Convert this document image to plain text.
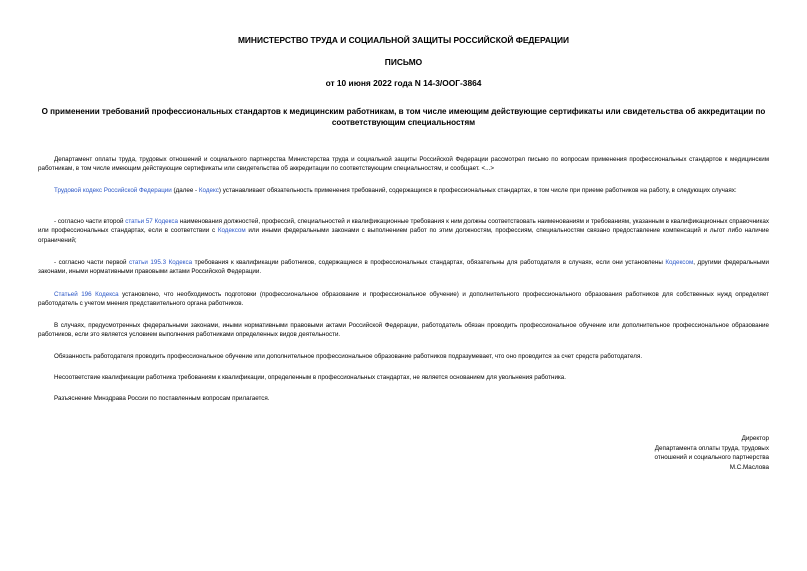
МИНИСТЕРСТВО ТРУДА И СОЦИАЛЬНОЙ ЗАЩИТЫ РОССИЙСКОЙ ФЕДЕРАЦИИ
ПИСЬМО
от 10 июня 2022 года N 14-3/ООГ-3864
О применении требований профессиональных стандартов к медицинским работникам, в том числе имеющим действующие сертификаты или свидетельства об аккредитации по соответствующим специальностям

Департамент оплаты труда, трудовых отношений и социального партнерства Министерства труда и социальной защиты Российской Федерации рассмотрел письмо по вопросам применения профессиональных стандартов к медицинским работникам, в том числе имеющим действующие сертификаты или свидетельства об аккредитации по соответствующим специальностям, и сообщает. <...>

Трудовой кодекс Российской Федерации (далее - Кодекс) устанавливает обязательность применения требований, содержащихся в профессиональных стандартах, в том числе при приеме работников на работу, в следующих случаях:

- согласно части второй статьи 57 Кодекса наименования должностей, профессий, специальностей и квалификационные требования к ним должны соответствовать наименованиям и требованиям, указанным в квалификационных справочниках или профессиональных стандартах, если в соответствии с Кодексом или иными федеральными законами с выполнением работ по этим должностям, профессиям, специальностям связано предоставление компенсаций и льгот либо наличие ограничений;

- согласно части первой статьи 195.3 Кодекса требования к квалификации работников, содержащиеся в профессиональных стандартах, обязательны для работодателя в случаях, если они установлены Кодексом, другими федеральными законами, иными нормативными правовыми актами Российской Федерации.

Статьей 196 Кодекса установлено, что необходимость подготовки (профессиональное образование и профессиональное обучение) и дополнительного профессионального образования работников для собственных нужд определяет работодатель с учетом мнения представительного органа работников.

В случаях, предусмотренных федеральными законами, иными нормативными правовыми актами Российской Федерации, работодатель обязан проводить профессиональное обучение или дополнительное профессиональное образование работников, если это является условием выполнения работниками определенных видов деятельности.

Обязанность работодателя проводить профессиональное обучение или дополнительное профессиональное образование работников подразумевает, что оно проводится за счет средств работодателя.

Несоответствие квалификации работника требованиям к квалификации, определенным в профессиональных стандартах, не является основанием для увольнения работника.

Разъяснение Минздрава России по поставленным вопросам прилагается.

Директор
Департамента оплаты труда, трудовых
отношений и социального партнерства
М.С.Маслова
